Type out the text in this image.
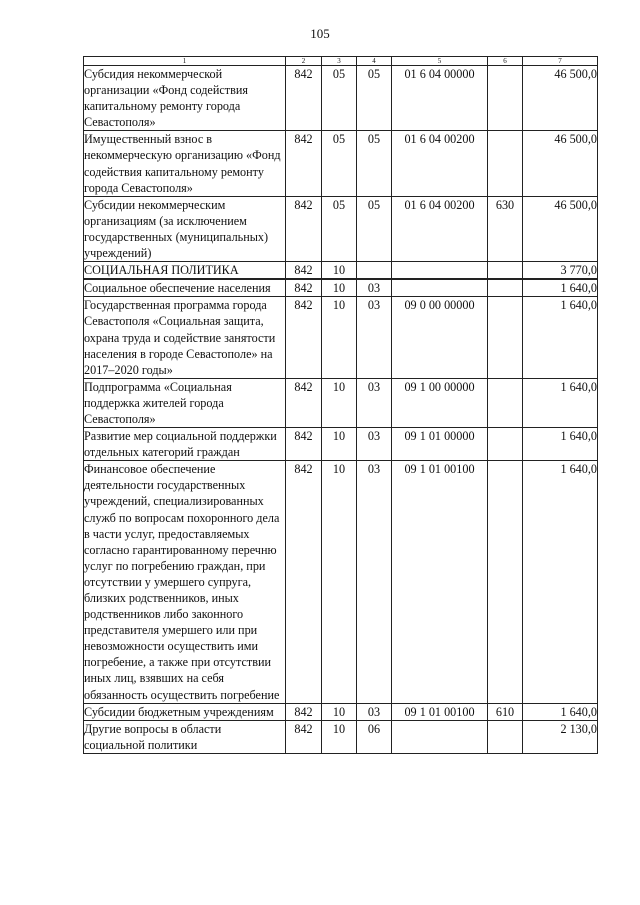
105
1	2	3	4	5	6	7
Субсидия некоммерческой организации «Фонд содействия капитальному ремонту города Севастополя»	842	05	05	01 6 04 00000		46 500,0
Имущественный взнос в некоммерческую организацию «Фонд содействия капитальному ремонту города Севастополя»	842	05	05	01 6 04 00200		46 500,0
Субсидии некоммерческим организациям (за исключением государственных (муниципальных) учреждений)	842	05	05	01 6 04 00200	630	46 500,0
СОЦИАЛЬНАЯ ПОЛИТИКА	842	10				3 770,0
Социальное обеспечение населения	842	10	03			1 640,0
Государственная программа города Севастополя «Социальная защита, охрана труда и содействие занятости населения в городе Севастополе» на 2017–2020 годы»	842	10	03	09 0 00 00000		1 640,0
Подпрограмма «Социальная поддержка жителей города Севастополя»	842	10	03	09 1 00 00000		1 640,0
Развитие мер социальной поддержки отдельных категорий граждан	842	10	03	09 1 01 00000		1 640,0
Финансовое обеспечение деятельности государственных учреждений, специализированных служб по вопросам похоронного дела в части услуг, предоставляемых согласно гарантированному перечню услуг по погребению граждан, при отсутствии у умершего супруга, близких родственников, иных родственников либо законного представителя умершего или при невозможности осуществить ими погребение, а также при отсутствии иных лиц, взявших на себя обязанность осуществить погребение	842	10	03	09 1 01 00100		1 640,0
Субсидии бюджетным учреждениям	842	10	03	09 1 01 00100	610	1 640,0
Другие вопросы в области социальной политики	842	10	06			2 130,0
